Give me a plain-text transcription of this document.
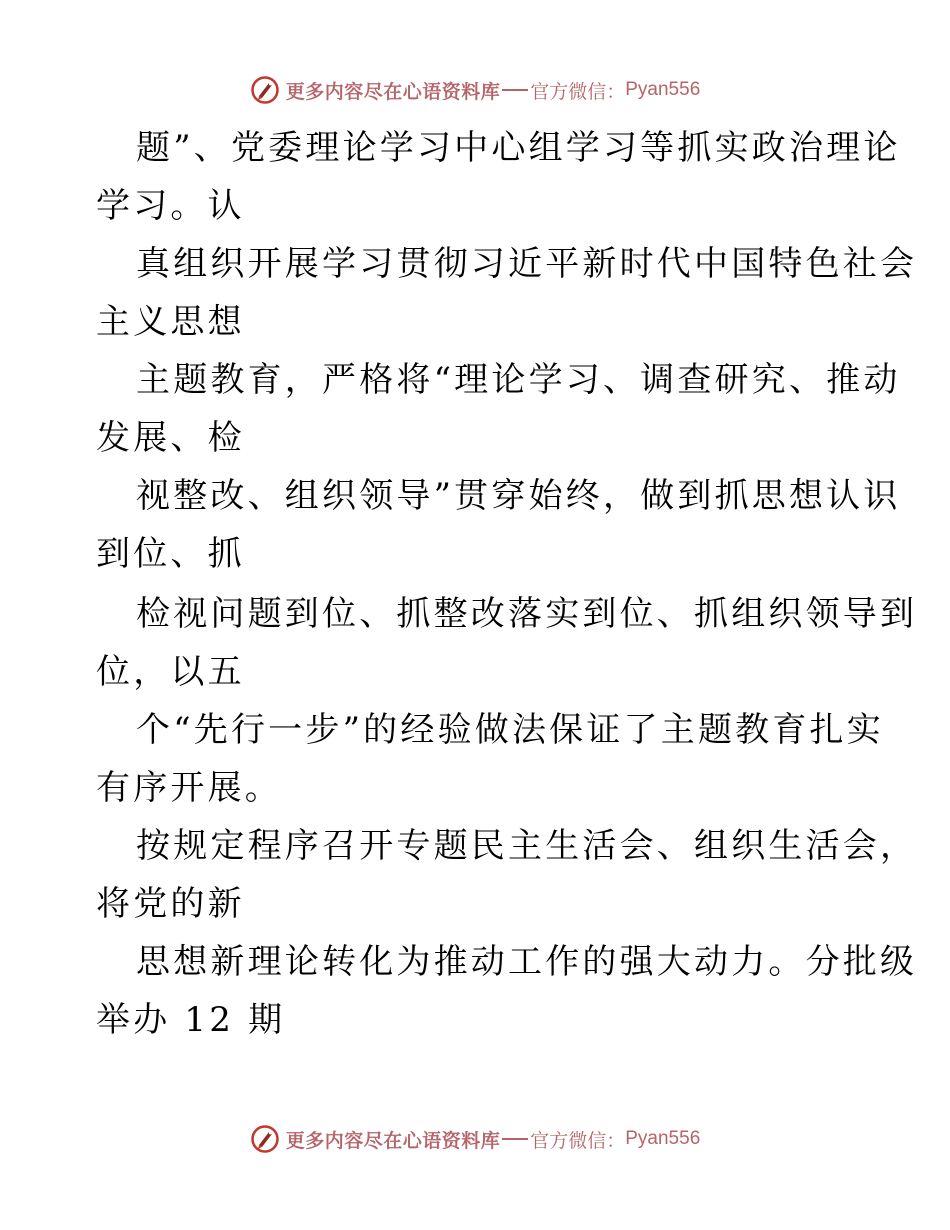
更多内容尽在心语资料库 官方微信： Pyan556
题”、党委理论学习中心组学习等抓实政治理论
学习。认
真组织开展学习贯彻习近平新时代中国特色社会
主义思想
主题教育，严格将“理论学习、调查研究、推动
发展、检
视整改、组织领导”贯穿始终，做到抓思想认识
到位、抓
检视问题到位、抓整改落实到位、抓组织领导到
位，以五
个“先行一步”的经验做法保证了主题教育扎实
有序开展。
按规定程序召开专题民主生活会、组织生活会，
将党的新
思想新理论转化为推动工作的强大动力。分批级
举办 12 期
更多内容尽在心语资料库 官方微信： Pyan556
